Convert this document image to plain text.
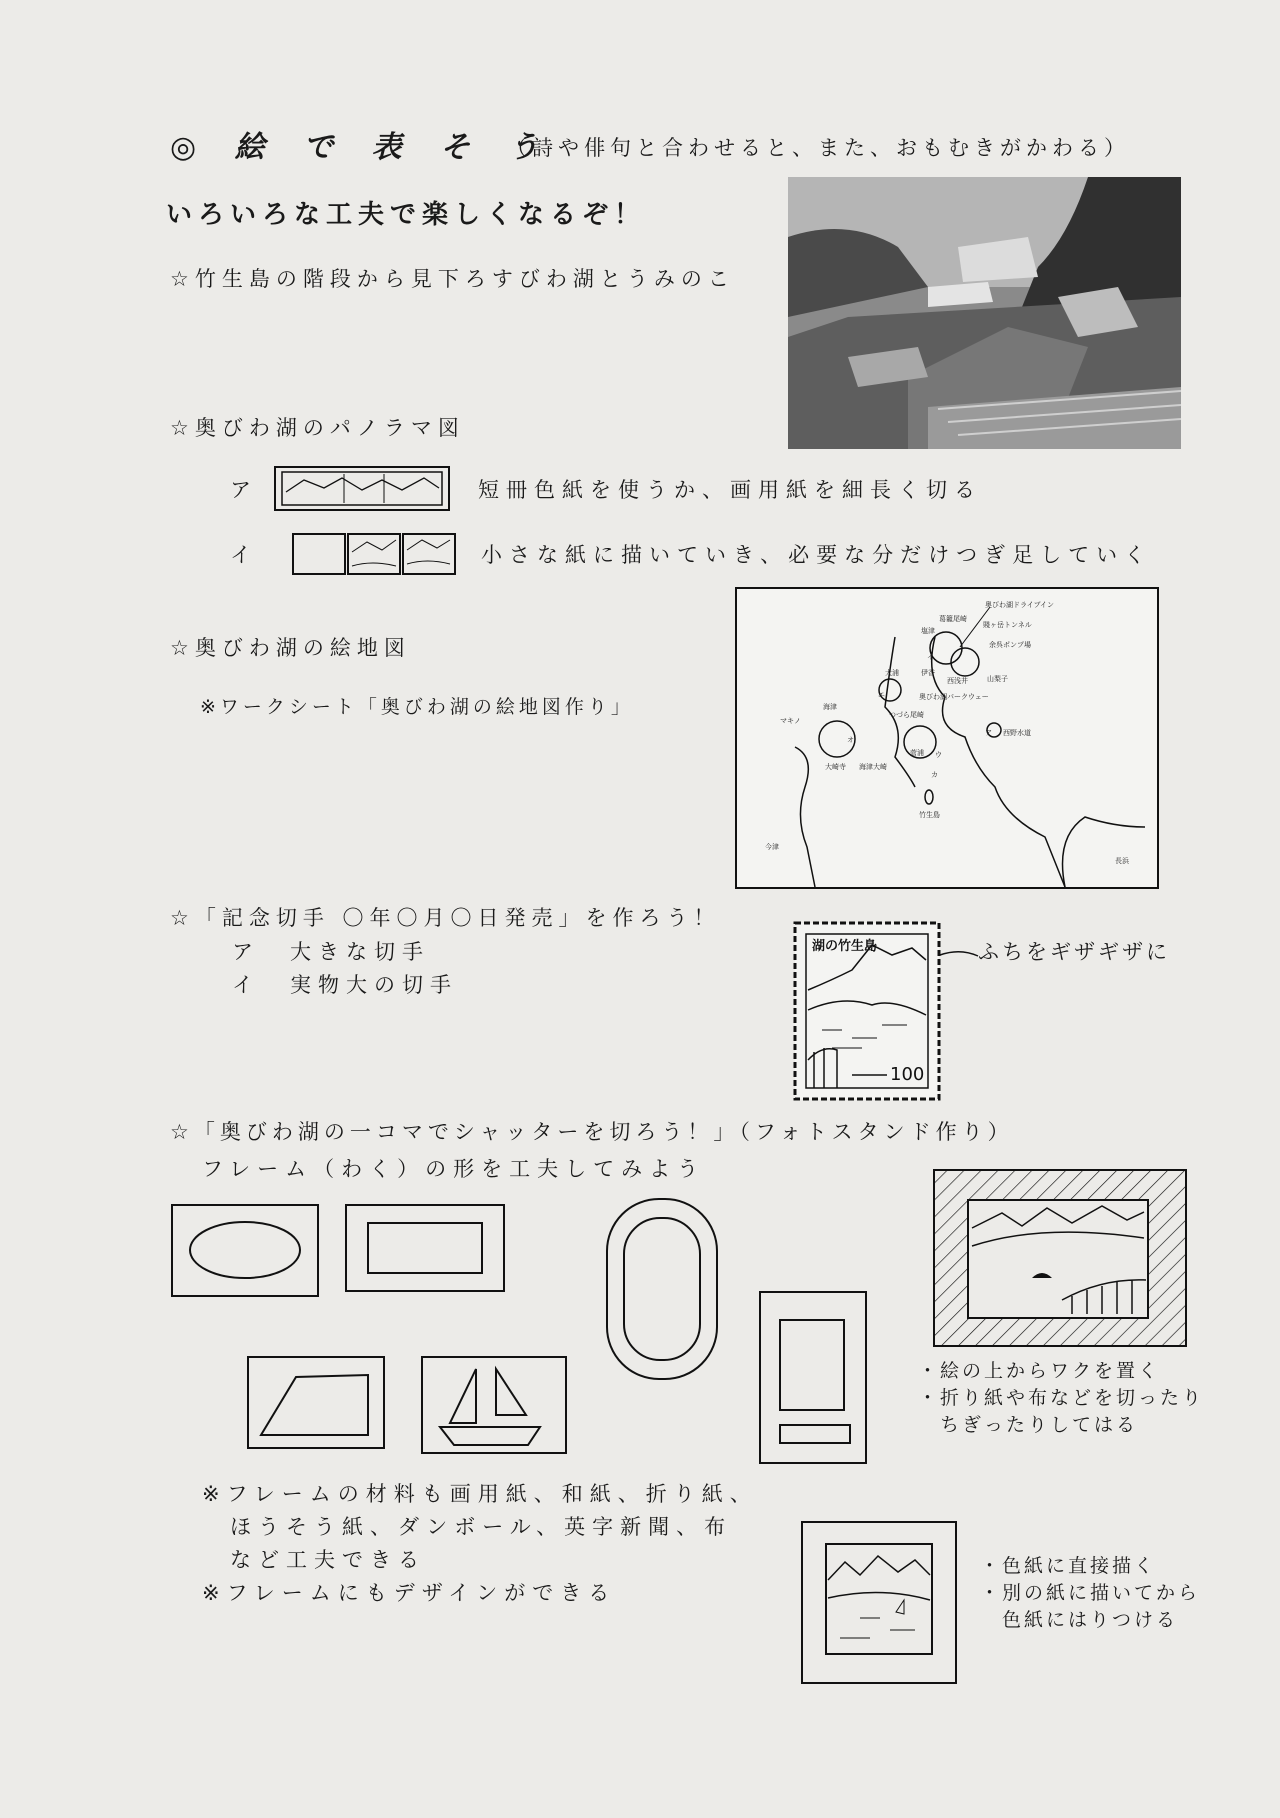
◎ 絵 で 表 そ う
（詩や俳句と合わせると、また、おもむきがかわる）
いろいろな工夫で楽しくなるぞ！
☆竹生島の階段から見下ろすびわ湖とうみのこ
☆奥びわ湖のパノラマ図
ア	短冊色紙を使うか、画用紙を細長く切る
イ	小さな紙に描いていき、必要な分だけつぎ足していく
☆奥びわ湖の絵地図
※ワークシート「奥びわ湖の絵地図作り」
奥びわ湖ドライブイン
葛籠尾崎
賤ヶ岳トンネル
余呉ポンプ場
山梨子
大浦
塩津
伊香
西浅井
奥びわ湖パークウェー
つづら尾崎
海津
マキノ
菅浦 ウ
西野水道
大崎寺 海津大崎
竹生島
今津
長浜
エ
イ
ア
オ
カ
☆「記念切手 〇年〇月〇日発売」を作ろう！
ア 大きな切手
イ 実物大の切手
湖の竹生島
100
ふちをギザギザに
☆「奥びわ湖の一コマでシャッターを切ろう！」（フォトスタンド作り）
フレーム（わく）の形を工夫してみよう
・絵の上からワクを置く
・折り紙や布などを切ったり
　ちぎったりしてはる
※フレームの材料も画用紙、和紙、折り紙、
　ほうそう紙、ダンボール、英字新聞、布
　など工夫できる
※フレームにもデザインができる
・色紙に直接描く
・別の紙に描いてから
　色紙にはりつける
